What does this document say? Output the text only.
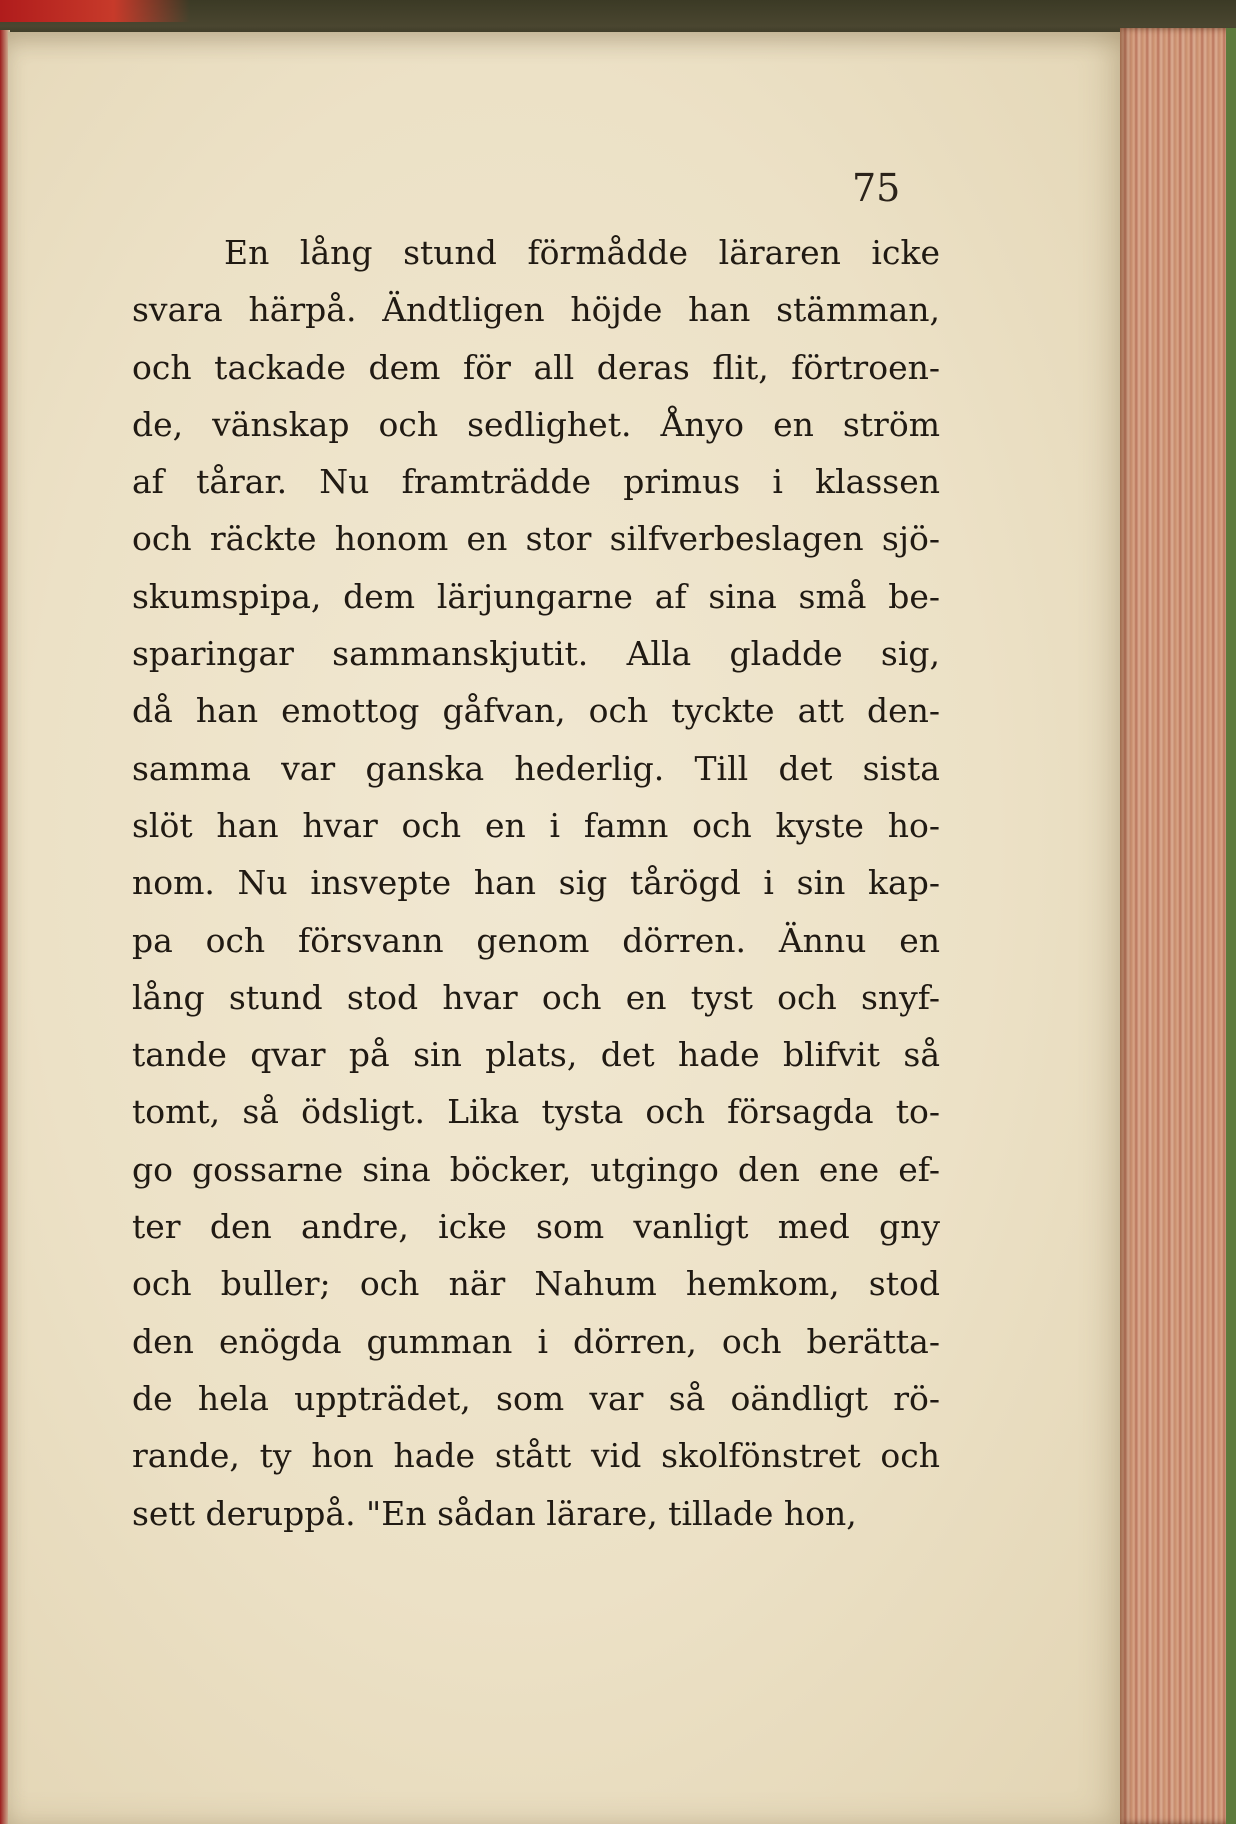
75

En lång stund förmådde läraren icke
svara härpå. Ändtligen höjde han stämman,
och tackade dem för all deras flit, förtroen-
de, vänskap och sedlighet. Ånyo en ström
af tårar. Nu framträdde primus i klassen
och räckte honom en stor silfverbeslagen sjö-
skumspipa, dem lärjungarne af sina små be-
sparingar sammanskjutit. Alla gladde sig,
då han emottog gåfvan, och tyckte att den-
samma var ganska hederlig. Till det sista
slöt han hvar och en i famn och kyste ho-
nom. Nu insvepte han sig tårögd i sin kap-
pa och försvann genom dörren. Ännu en
lång stund stod hvar och en tyst och snyf-
tande qvar på sin plats, det hade blifvit så
tomt, så ödsligt. Lika tysta och försagda to-
go gossarne sina böcker, utgingo den ene ef-
ter den andre, icke som vanligt med gny
och buller; och när Nahum hemkom, stod
den enögda gumman i dörren, och berätta-
de hela uppträdet, som var så oändligt rö-
rande, ty hon hade stått vid skolfönstret och
sett deruppå. "En sådan lärare, tillade hon,
